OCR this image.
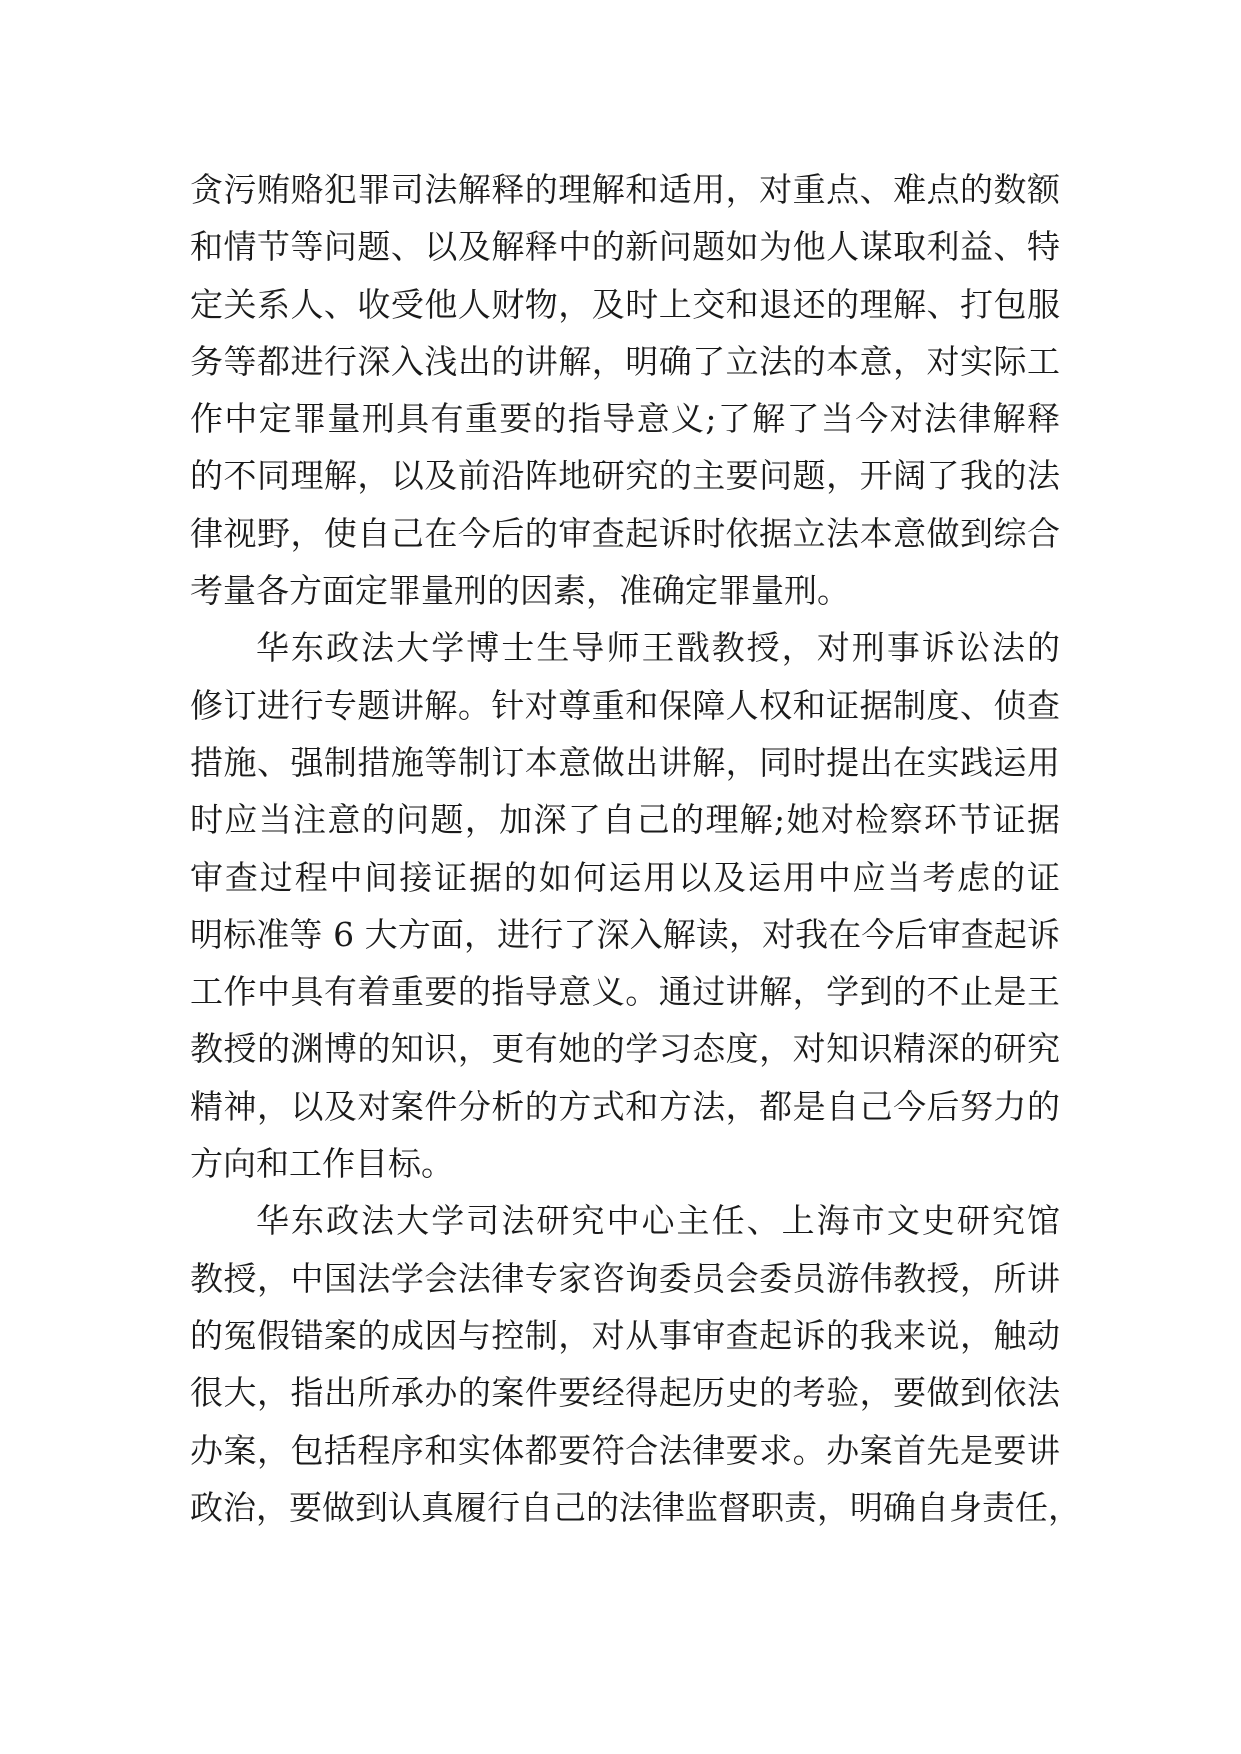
贪污贿赂犯罪司法解释的理解和适用，对重点、难点的数额
和情节等问题、以及解释中的新问题如为他人谋取利益、特
定关系人、收受他人财物，及时上交和退还的理解、打包服
务等都进行深入浅出的讲解，明确了立法的本意，对实际工
作中定罪量刑具有重要的指导意义;了解了当今对法律解释
的不同理解，以及前沿阵地研究的主要问题，开阔了我的法
律视野，使自己在今后的审查起诉时依据立法本意做到综合
考量各方面定罪量刑的因素，准确定罪量刑。
华东政法大学博士生导师王戬教授，对刑事诉讼法的
修订进行专题讲解。针对尊重和保障人权和证据制度、侦查
措施、强制措施等制订本意做出讲解，同时提出在实践运用
时应当注意的问题，加深了自己的理解;她对检察环节证据
审查过程中间接证据的如何运用以及运用中应当考虑的证
明标准等 6 大方面，进行了深入解读，对我在今后审查起诉
工作中具有着重要的指导意义。通过讲解，学到的不止是王
教授的渊博的知识，更有她的学习态度，对知识精深的研究
精神，以及对案件分析的方式和方法，都是自己今后努力的
方向和工作目标。
华东政法大学司法研究中心主任、上海市文史研究馆
教授，中国法学会法律专家咨询委员会委员游伟教授，所讲
的冤假错案的成因与控制，对从事审查起诉的我来说，触动
很大，指出所承办的案件要经得起历史的考验，要做到依法
办案，包括程序和实体都要符合法律要求。办案首先是要讲
政治，要做到认真履行自己的法律监督职责，明确自身责任，
